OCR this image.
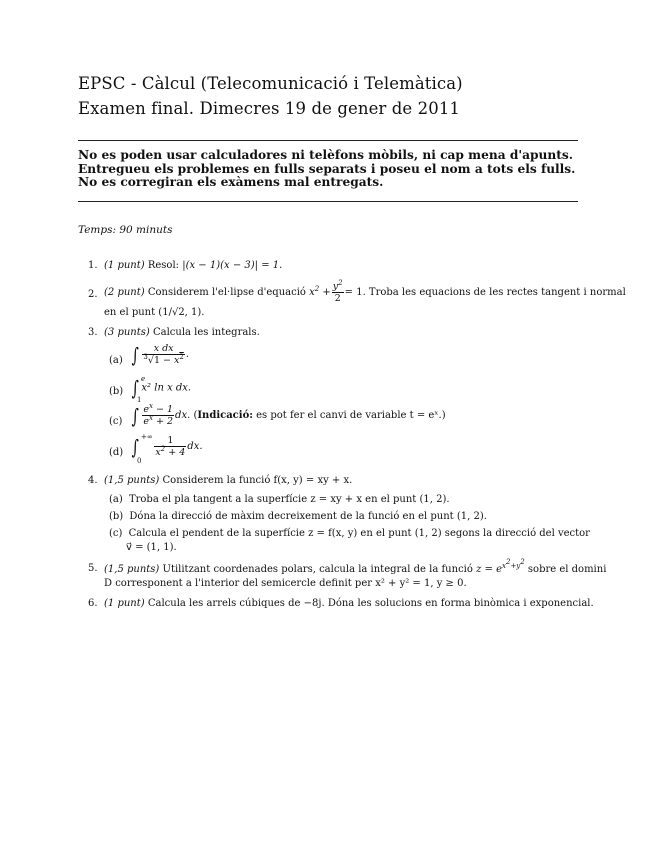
EPSC - Càlcul (Telecomunicació i Telemàtica)
Examen final. Dimecres 19 de gener de 2011
No es poden usar calculadores ni telèfons mòbils, ni cap mena d'apunts.
Entregueu els problemes en fulls separats i poseu el nom a tots els fulls.
No es corregiran els exàmens mal entregats.
Temps: 90 minuts
1. (1 punt) Resol: |(x − 1)(x − 3)| = 1.
2. (2 punt) Considerem l'el·lipse d'equació $x^2 + \frac{y^2}{2} = 1$. Troba les equacions de les rectes tangent i normal
en el punt (1/√2, 1).
3. (3 punts) Calcula les integrals.
(a) ∫ $\frac{\text{x dx}}{^3√1 - x^2}$ .
(b) ∫ x² ln x dx.
e
1
(c) ∫ $\frac{e^x - 1}{e^x + 2}$ dx. (Indicació: es pot fer el canvi de variable t = eˣ.)
(d) ∫ $\frac{1}{x^2 + 4}$ dx.
+∞
0
4. (1,5 punts) Considerem la funció f(x, y) = xy + x.
(a) Troba el pla tangent a la superfície z = xy + x en el punt (1, 2).
(b) Dóna la direcció de màxim decreixement de la funció en el punt (1, 2).
(c) Calcula el pendent de la superfície z = f(x, y) en el punt (1, 2) segons la direcció del vector
v⃗ = (1, 1).
5. (1,5 punts) Utilitzant coordenades polars, calcula la integral de la funció $z = e^{x^2+y^2}$ sobre el domini
D corresponent a l'interior del semicercle definit per x² + y² = 1, y ≥ 0.
6. (1 punt) Calcula les arrels cúbiques de −8j. Dóna les solucions en forma binòmica i exponencial.
